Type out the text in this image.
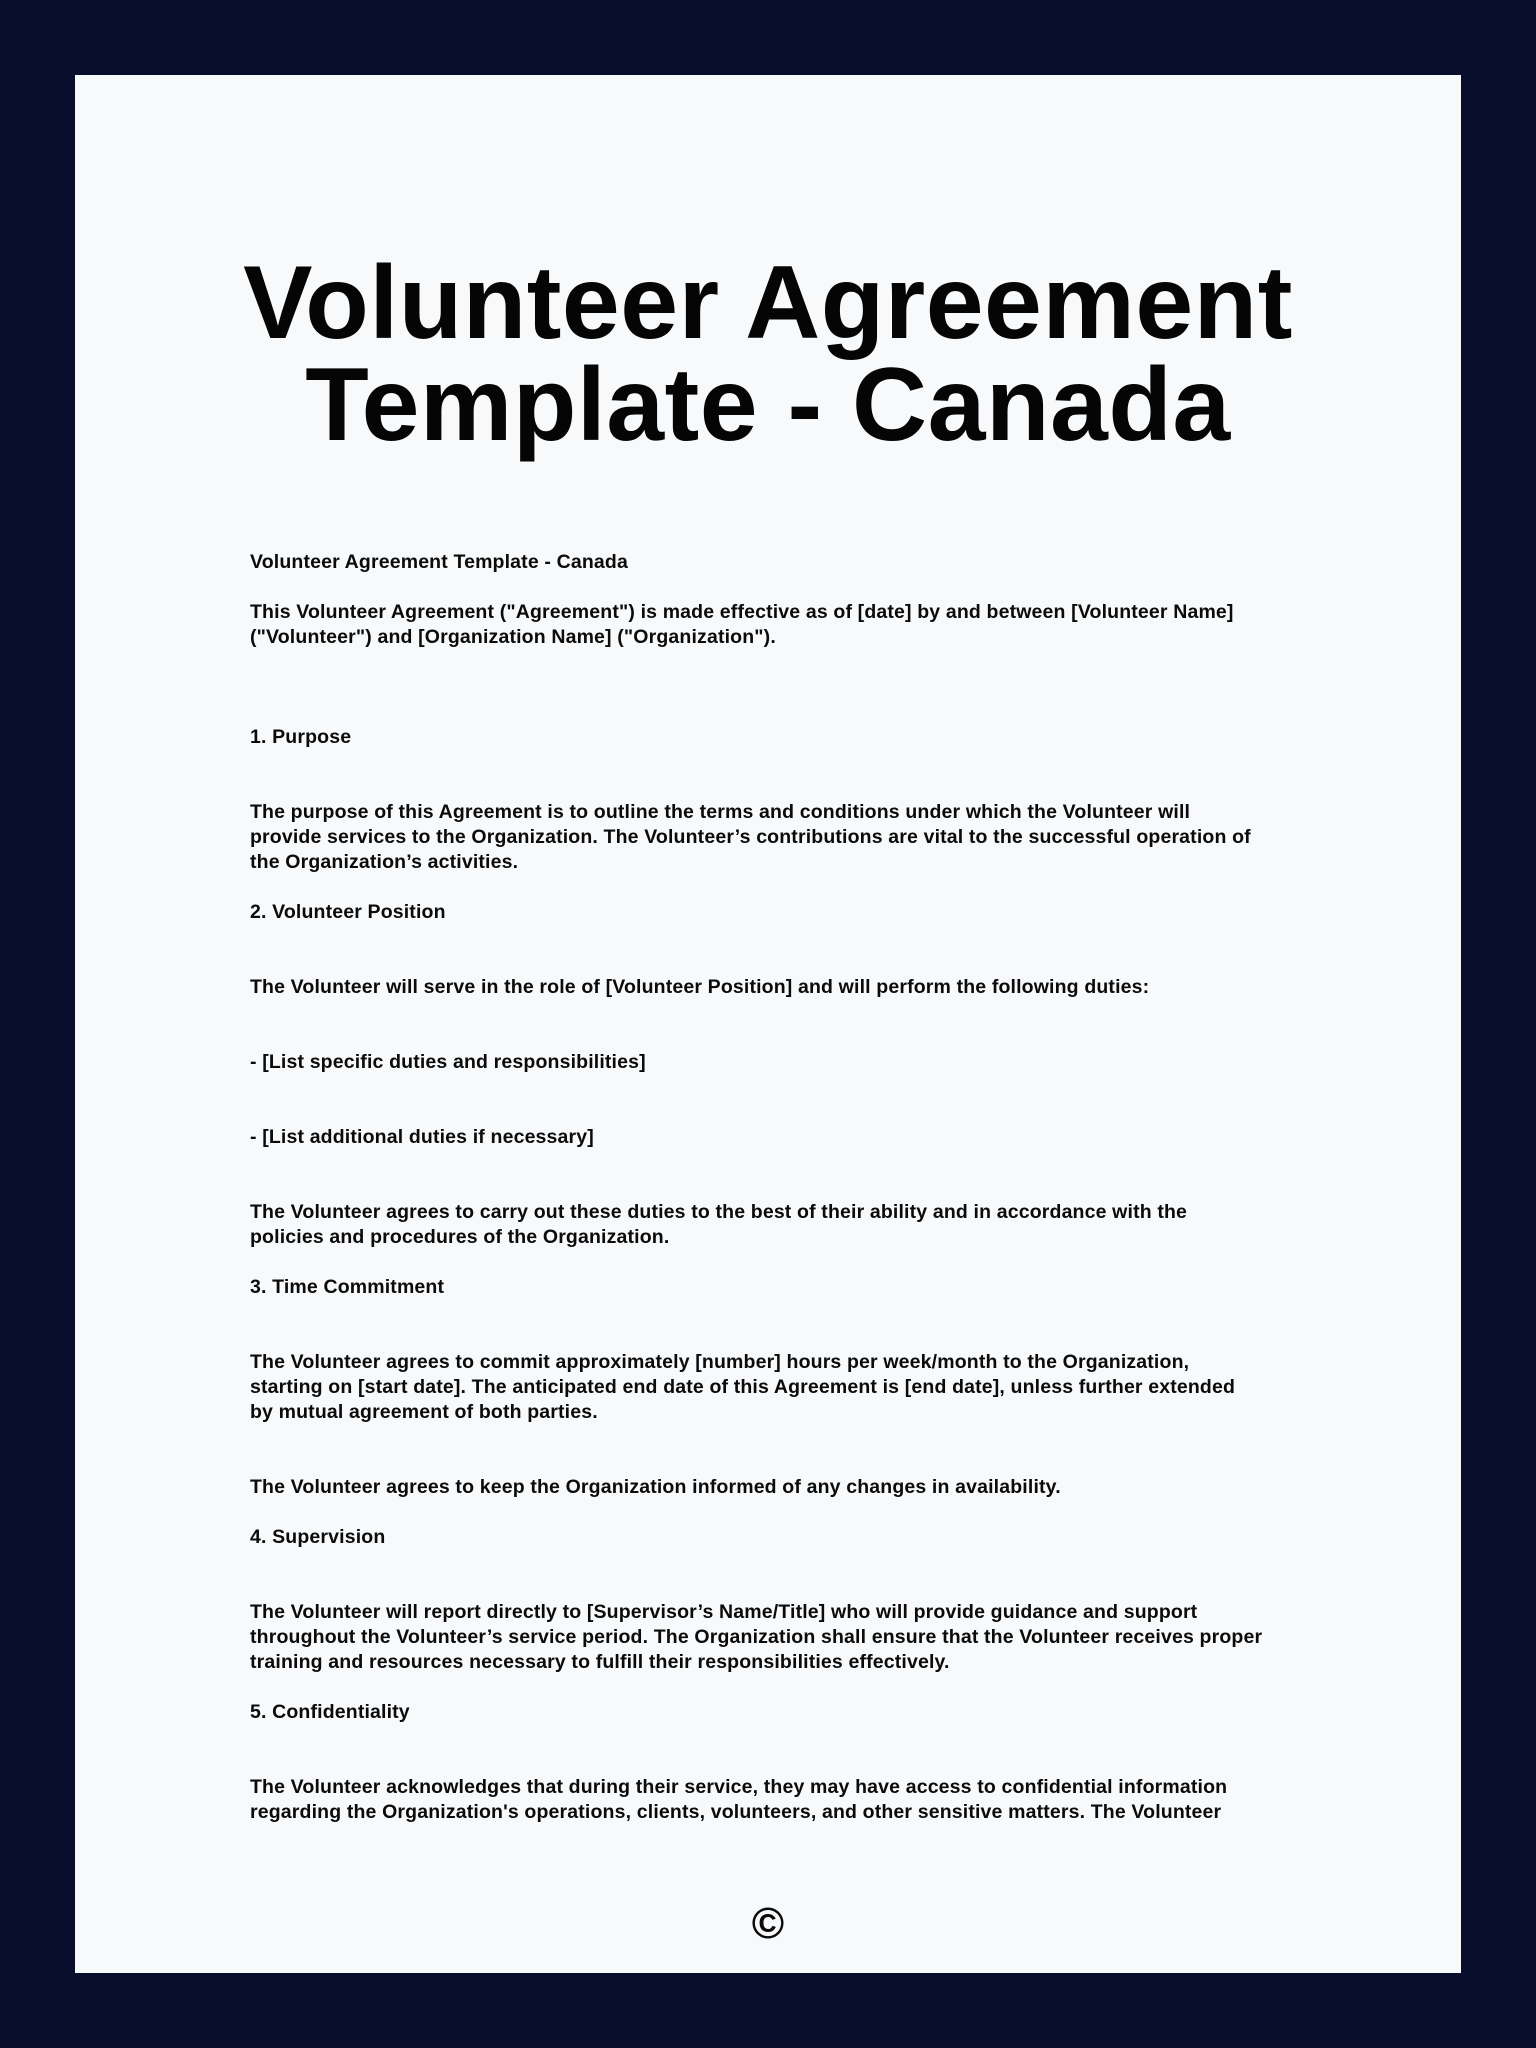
Volunteer Agreement
Template - Canada

Volunteer Agreement Template - Canada

This Volunteer Agreement ("Agreement") is made effective as of [date] by and between [Volunteer Name]

("Volunteer") and [Organization Name] ("Organization").

1. Purpose

The purpose of this Agreement is to outline the terms and conditions under which the Volunteer will

provide services to the Organization. The Volunteer’s contributions are vital to the successful operation of

the Organization’s activities.

2. Volunteer Position

The Volunteer will serve in the role of [Volunteer Position] and will perform the following duties:

- [List specific duties and responsibilities]

- [List additional duties if necessary]

The Volunteer agrees to carry out these duties to the best of their ability and in accordance with the

policies and procedures of the Organization.

3. Time Commitment

The Volunteer agrees to commit approximately [number] hours per week/month to the Organization,

starting on [start date]. The anticipated end date of this Agreement is [end date], unless further extended

by mutual agreement of both parties.

The Volunteer agrees to keep the Organization informed of any changes in availability.

4. Supervision

The Volunteer will report directly to [Supervisor’s Name/Title] who will provide guidance and support

throughout the Volunteer’s service period. The Organization shall ensure that the Volunteer receives proper

training and resources necessary to fulfill their responsibilities effectively.

5. Confidentiality

The Volunteer acknowledges that during their service, they may have access to confidential information

regarding the Organization's operations, clients, volunteers, and other sensitive matters. The Volunteer

©
